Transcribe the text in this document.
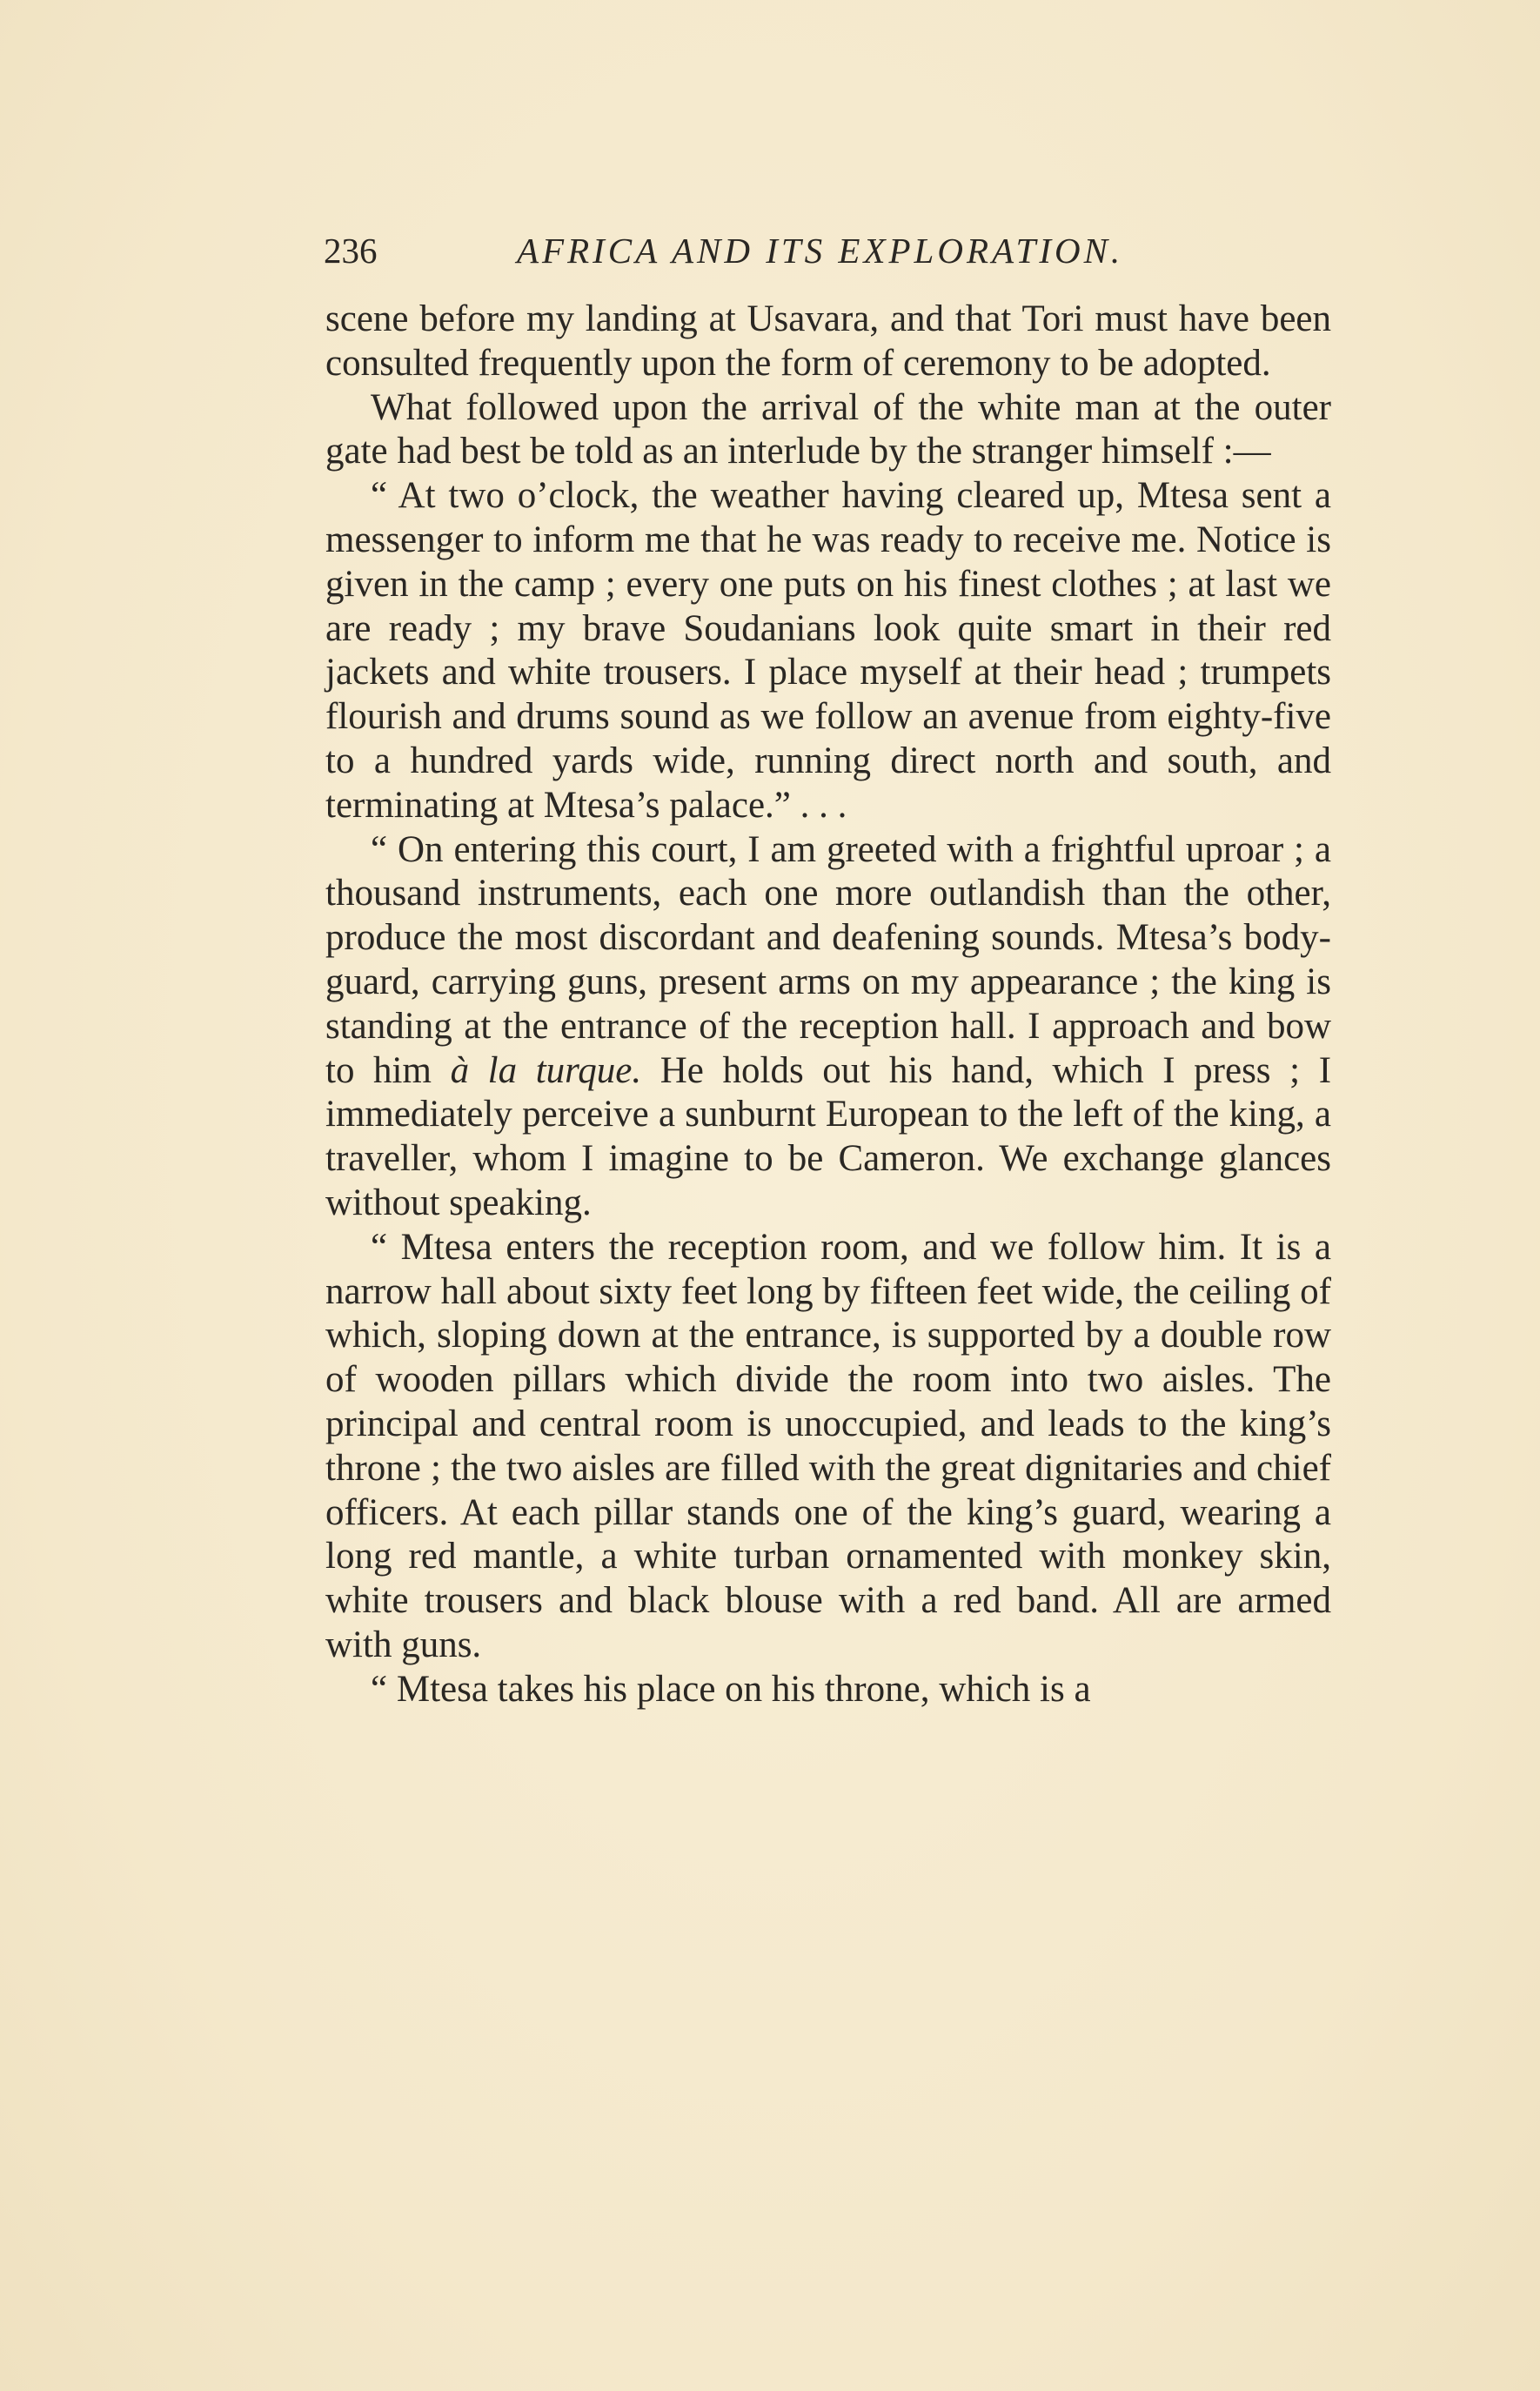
236	AFRICA AND ITS EXPLORATION.

scene before my landing at Usavara, and that Tori must have been consulted frequently upon the form of ceremony to be adopted.

What followed upon the arrival of the white man at the outer gate had best be told as an interlude by the stranger himself :—

“ At two o’clock, the weather having cleared up, Mtesa sent a messenger to inform me that he was ready to receive me. Notice is given in the camp ; every one puts on his finest clothes ; at last we are ready ; my brave Soudanians look quite smart in their red jackets and white trousers. I place myself at their head ; trumpets flourish and drums sound as we follow an avenue from eighty-five to a hundred yards wide, running direct north and south, and terminating at Mtesa’s palace.” . . .

“ On entering this court, I am greeted with a frightful uproar ; a thousand instruments, each one more outlandish than the other, produce the most discordant and deafening sounds. Mtesa’s body-guard, carrying guns, present arms on my appearance ; the king is standing at the entrance of the reception hall. I approach and bow to him à la turque. He holds out his hand, which I press ; I immediately perceive a sunburnt European to the left of the king, a traveller, whom I imagine to be Cameron. We exchange glances without speaking.

“ Mtesa enters the reception room, and we follow him. It is a narrow hall about sixty feet long by fifteen feet wide, the ceiling of which, sloping down at the entrance, is supported by a double row of wooden pillars which divide the room into two aisles. The principal and central room is unoccupied, and leads to the king’s throne ; the two aisles are filled with the great dignitaries and chief officers. At each pillar stands one of the king’s guard, wearing a long red mantle, a white turban ornamented with monkey skin, white trousers and black blouse with a red band. All are armed with guns.

“ Mtesa takes his place on his throne, which is a
